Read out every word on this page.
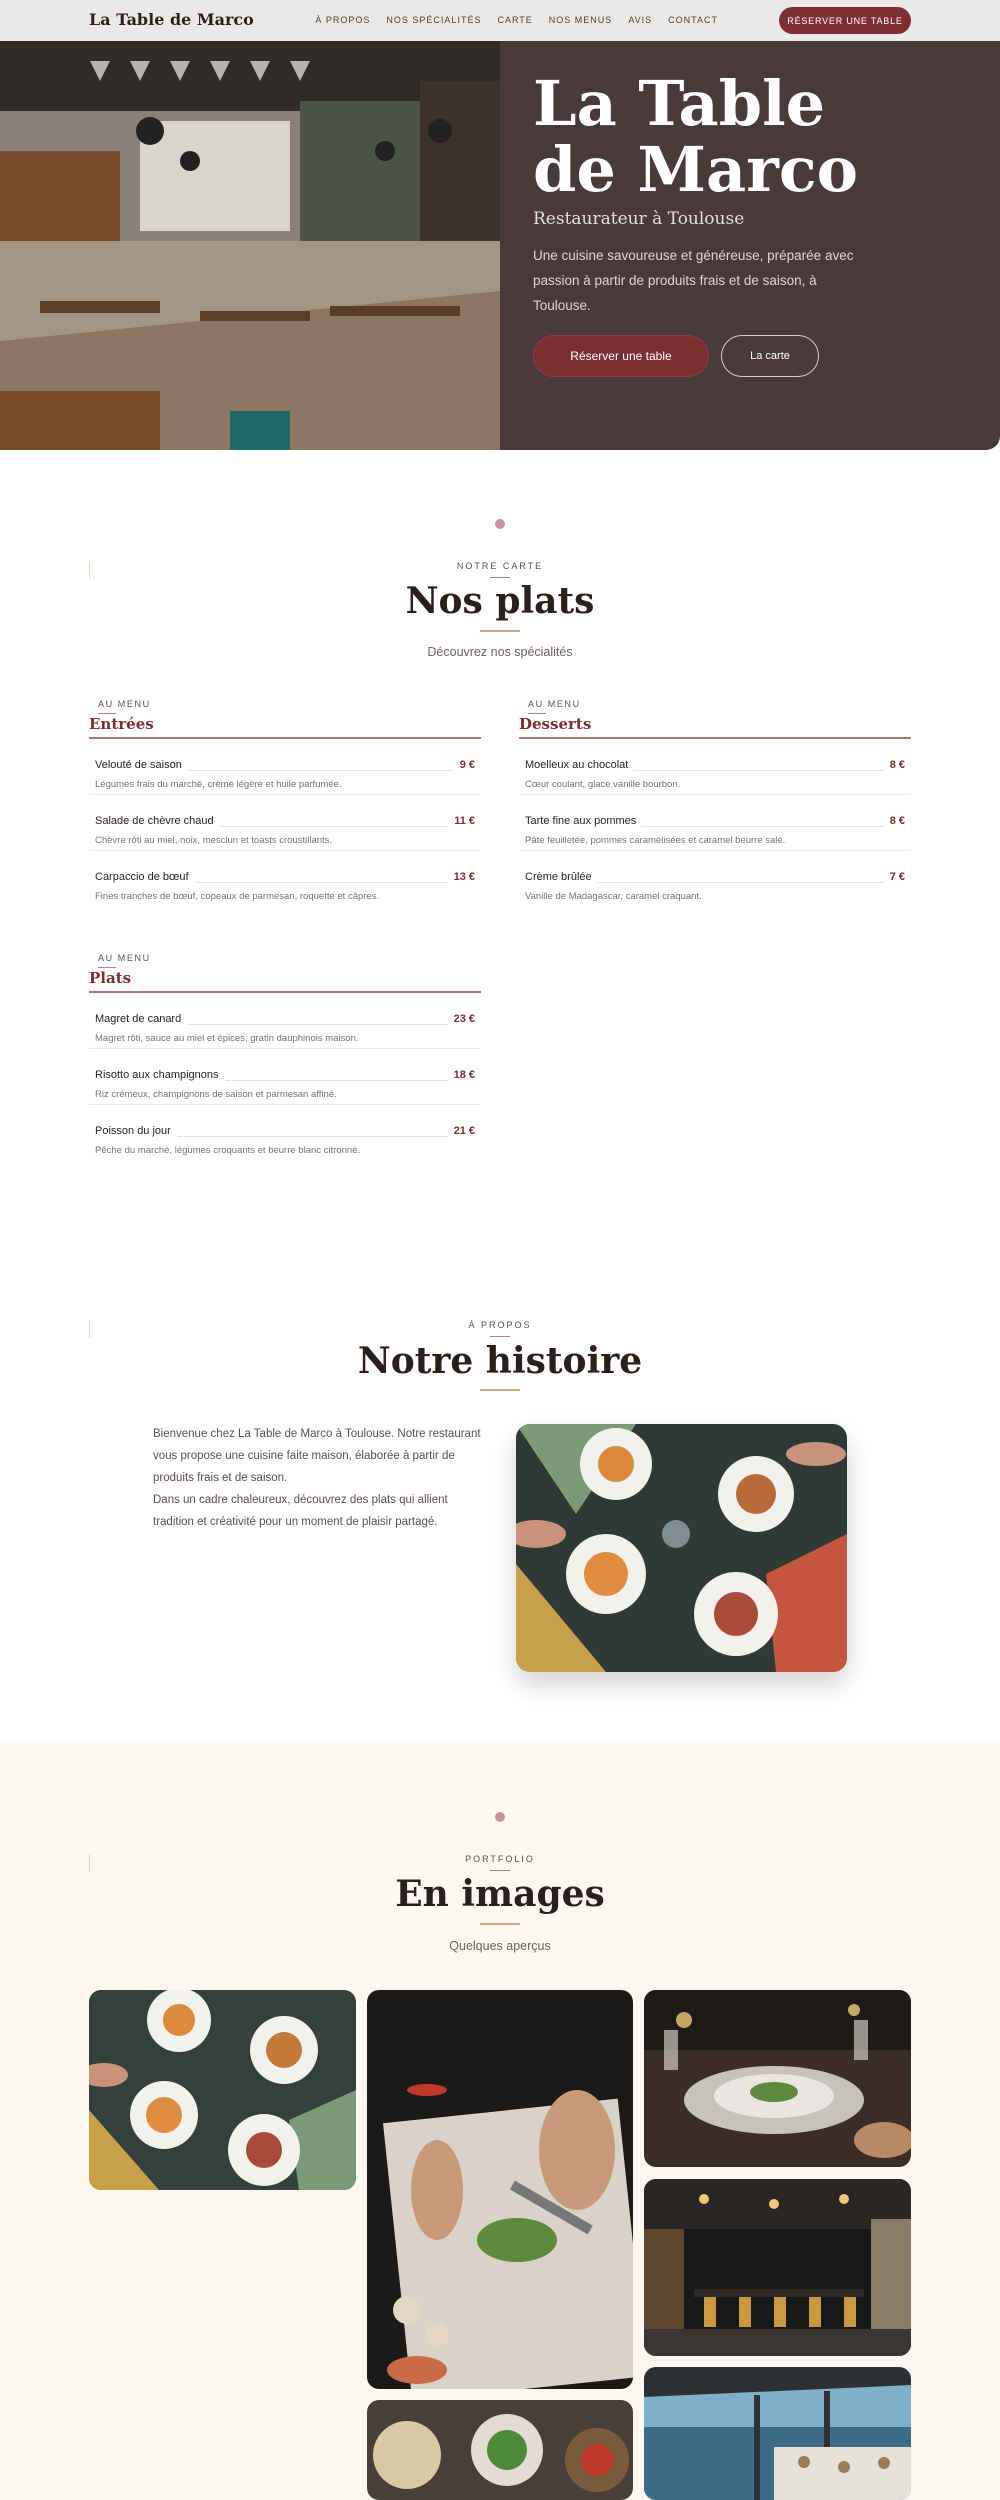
La Table de Marco	À PROPOS NOS SPÉCIALITÉS CARTE NOS MENUS AVIS CONTACT	RÉSERVER UNE TABLE
La Table
de Marco
Restaurateur à Toulouse

Une cuisine savoureuse et généreuse, préparée avec passion à partir de produits frais et de saison, à Toulouse.

Réserver une table	La carte
NOTRE CARTE
Nos plats
Découvrez nos spécialités
AU MENU
Entrées
Velouté de saison	9 €
Légumes frais du marché, crème légère et huile parfumée.
Salade de chèvre chaud	11 €
Chèvre rôti au miel, noix, mesclun et toasts croustillants.
Carpaccio de bœuf	13 €
Fines tranches de bœuf, copeaux de parmesan, roquette et câpres.
AU MENU
Desserts
Moelleux au chocolat	8 €
Cœur coulant, glace vanille bourbon.
Tarte fine aux pommes	8 €
Pâte feuilletée, pommes caramélisées et caramel beurre salé.
Crème brûlée	7 €
Vanille de Madagascar, caramel craquant.
AU MENU
Plats
Magret de canard	23 €
Magret rôti, sauce au miel et épices, gratin dauphinois maison.
Risotto aux champignons	18 €
Riz crémeux, champignons de saison et parmesan affiné.
Poisson du jour	21 €
Pêche du marché, légumes croquants et beurre blanc citronné.
À PROPOS
Notre histoire

Bienvenue chez La Table de Marco à Toulouse. Notre restaurant vous propose une cuisine faite maison, élaborée à partir de produits frais et de saison.

Dans un cadre chaleureux, découvrez des plats qui allient tradition et créativité pour un moment de plaisir partagé.

PORTFOLIO
En images
Quelques aperçus
